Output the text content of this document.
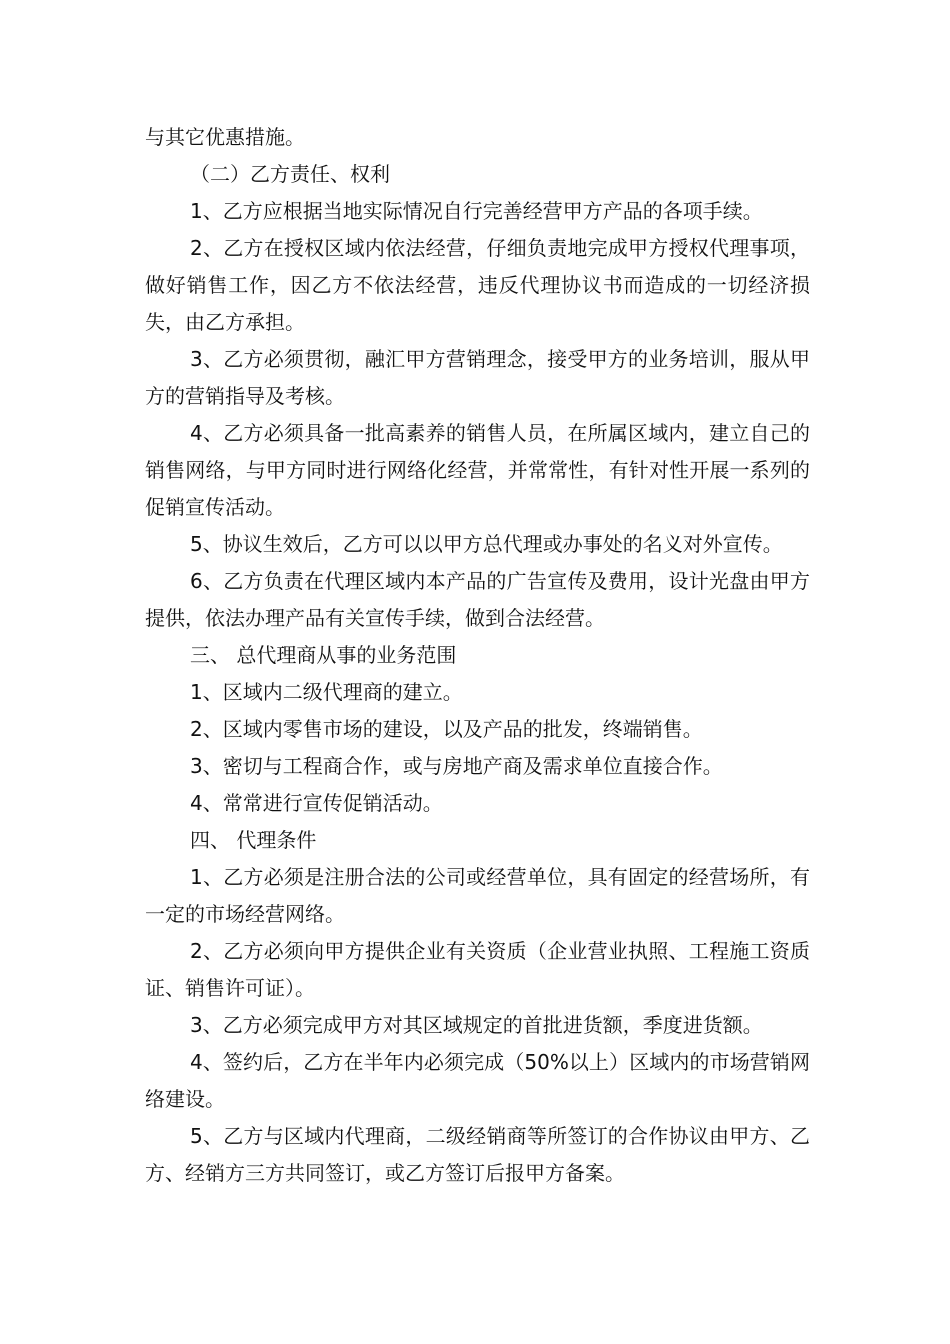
与其它优惠措施。

（二）乙方责任、权利

1、乙方应根据当地实际情况自行完善经营甲方产品的各项手续。

2、乙方在授权区域内依法经营，仔细负责地完成甲方授权代理事项，做好销售工作，因乙方不依法经营，违反代理协议书而造成的一切经济损失，由乙方承担。

3、乙方必须贯彻，融汇甲方营销理念，接受甲方的业务培训，服从甲方的营销指导及考核。

4、乙方必须具备一批高素养的销售人员，在所属区域内，建立自己的销售网络，与甲方同时进行网络化经营，并常常性，有针对性开展一系列的促销宣传活动。

5、协议生效后，乙方可以以甲方总代理或办事处的名义对外宣传。

6、乙方负责在代理区域内本产品的广告宣传及费用，设计光盘由甲方提供，依法办理产品有关宣传手续，做到合法经营。

三、 总代理商从事的业务范围

1、区域内二级代理商的建立。

2、区域内零售市场的建设，以及产品的批发，终端销售。

3、密切与工程商合作，或与房地产商及需求单位直接合作。

4、常常进行宣传促销活动。

四、 代理条件

1、乙方必须是注册合法的公司或经营单位，具有固定的经营场所，有一定的市场经营网络。

2、乙方必须向甲方提供企业有关资质（企业营业执照、工程施工资质证、销售许可证）。

3、乙方必须完成甲方对其区域规定的首批进货额，季度进货额。

4、签约后，乙方在半年内必须完成（50%以上）区域内的市场营销网络建设。

5、乙方与区域内代理商，二级经销商等所签订的合作协议由甲方、乙方、经销方三方共同签订，或乙方签订后报甲方备案。
